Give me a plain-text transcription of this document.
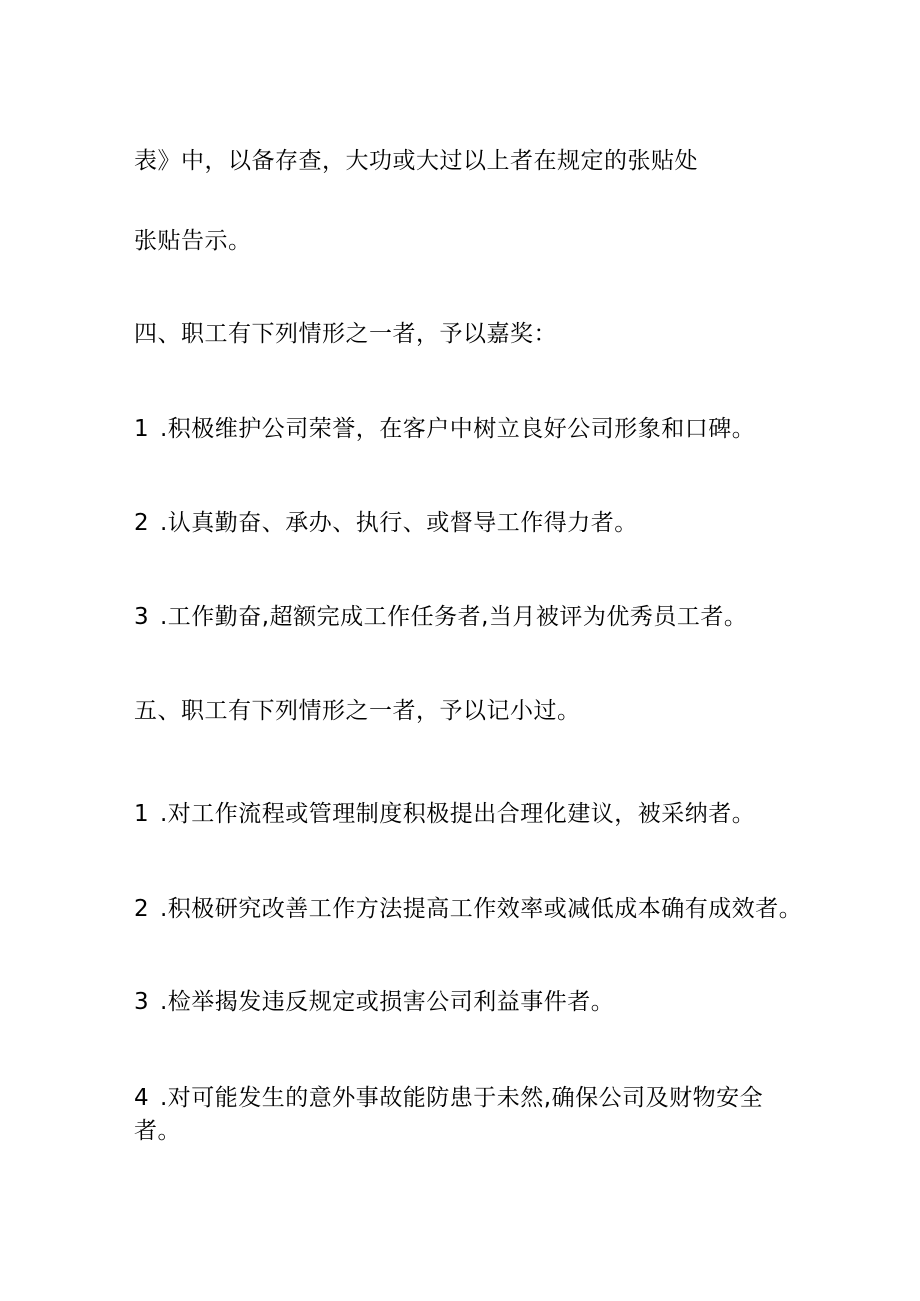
表》中，以备存查，大功或大过以上者在规定的张贴处

张贴告示。

四、职工有下列情形之一者，予以嘉奖：

1 .积极维护公司荣誉，在客户中树立良好公司形象和口碑。

2 .认真勤奋、承办、执行、或督导工作得力者。

3 .工作勤奋,超额完成工作任务者,当月被评为优秀员工者。

五、职工有下列情形之一者，予以记小过。

1 .对工作流程或管理制度积极提出合理化建议，被采纳者。

2 .积极研究改善工作方法提高工作效率或减低成本确有成效者。

3 .检举揭发违反规定或损害公司利益事件者。

4 .对可能发生的意外事故能防患于未然,确保公司及财物安全

者。
